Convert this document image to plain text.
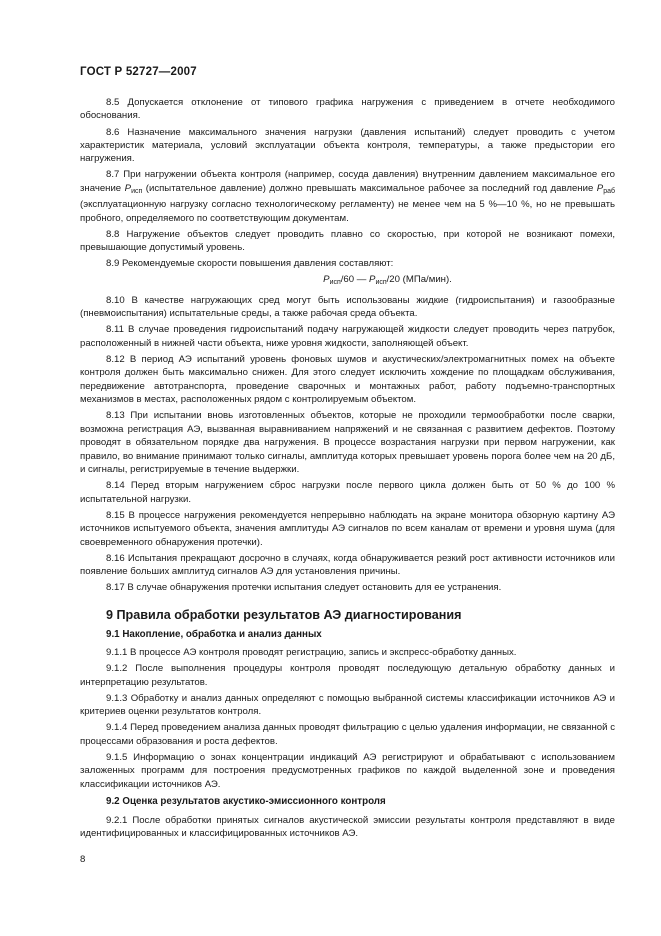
ГОСТ Р 52727—2007

8.5 Допускается отклонение от типового графика нагружения с приведением в отчете необходимого обоснования.

8.6 Назначение максимального значения нагрузки (давления испытаний) следует проводить с учетом характеристик материала, условий эксплуатации объекта контроля, температуры, а также предыстории его нагружения.

8.7 При нагружении объекта контроля (например, сосуда давления) внутренним давлением максимальное его значение $P_{исп}$ (испытательное давление) должно превышать максимальное рабочее за последний год давление $P_{раб}$ (эксплуатационную нагрузку согласно технологическому регламенту) не менее чем на 5 %—10 %, но не превышать пробного, определяемого по соответствующим документам.

8.8 Нагружение объектов следует проводить плавно со скоростью, при которой не возникают помехи, превышающие допустимый уровень.

8.9 Рекомендуемые скорости повышения давления составляют:

$P_{исп}/60$ — $P_{исп}/20$ (МПа/мин).

8.10 В качестве нагружающих сред могут быть использованы жидкие (гидроиспытания) и газообразные (пневмоиспытания) испытательные среды, а также рабочая среда объекта.

8.11 В случае проведения гидроиспытаний подачу нагружающей жидкости следует проводить через патрубок, расположенный в нижней части объекта, ниже уровня жидкости, заполняющей объект.

8.12 В период АЭ испытаний уровень фоновых шумов и акустических/электромагнитных помех на объекте контроля должен быть максимально снижен. Для этого следует исключить хождение по площадкам обслуживания, передвижение автотранспорта, проведение сварочных и монтажных работ, работу подъемно-транспортных механизмов в местах, расположенных рядом с контролируемым объектом.

8.13 При испытании вновь изготовленных объектов, которые не проходили термообработки после сварки, возможна регистрация АЭ, вызванная выравниванием напряжений и не связанная с развитием дефектов. Поэтому проводят в обязательном порядке два нагружения. В процессе возрастания нагрузки при первом нагружении, как правило, во внимание принимают только сигналы, амплитуда которых превышает уровень порога более чем на 20 дБ, и сигналы, регистрируемые в течение выдержки.

8.14 Перед вторым нагружением сброс нагрузки после первого цикла должен быть от 50 % до 100 % испытательной нагрузки.

8.15 В процессе нагружения рекомендуется непрерывно наблюдать на экране монитора обзорную картину АЭ источников испытуемого объекта, значения амплитуды АЭ сигналов по всем каналам от времени и уровня шума (для своевременного обнаружения протечки).

8.16 Испытания прекращают досрочно в случаях, когда обнаруживается резкий рост активности источников или появление больших амплитуд сигналов АЭ для установления причины.

8.17 В случае обнаружения протечки испытания следует остановить для ее устранения.

9 Правила обработки результатов АЭ диагностирования
9.1 Накопление, обработка и анализ данных

9.1.1 В процессе АЭ контроля проводят регистрацию, запись и экспресс-обработку данных.

9.1.2 После выполнения процедуры контроля проводят последующую детальную обработку данных и интерпретацию результатов.

9.1.3 Обработку и анализ данных определяют с помощью выбранной системы классификации источников АЭ и критериев оценки результатов контроля.

9.1.4 Перед проведением анализа данных проводят фильтрацию с целью удаления информации, не связанной с процессами образования и роста дефектов.

9.1.5 Информацию о зонах концентрации индикаций АЭ регистрируют и обрабатывают с использованием заложенных программ для построения предусмотренных графиков по каждой выделенной зоне и проведения классификации источников АЭ.

9.2 Оценка результатов акустико-эмиссионного контроля

9.2.1 После обработки принятых сигналов акустической эмиссии результаты контроля представляют в виде идентифицированных и классифицированных источников АЭ.

8
